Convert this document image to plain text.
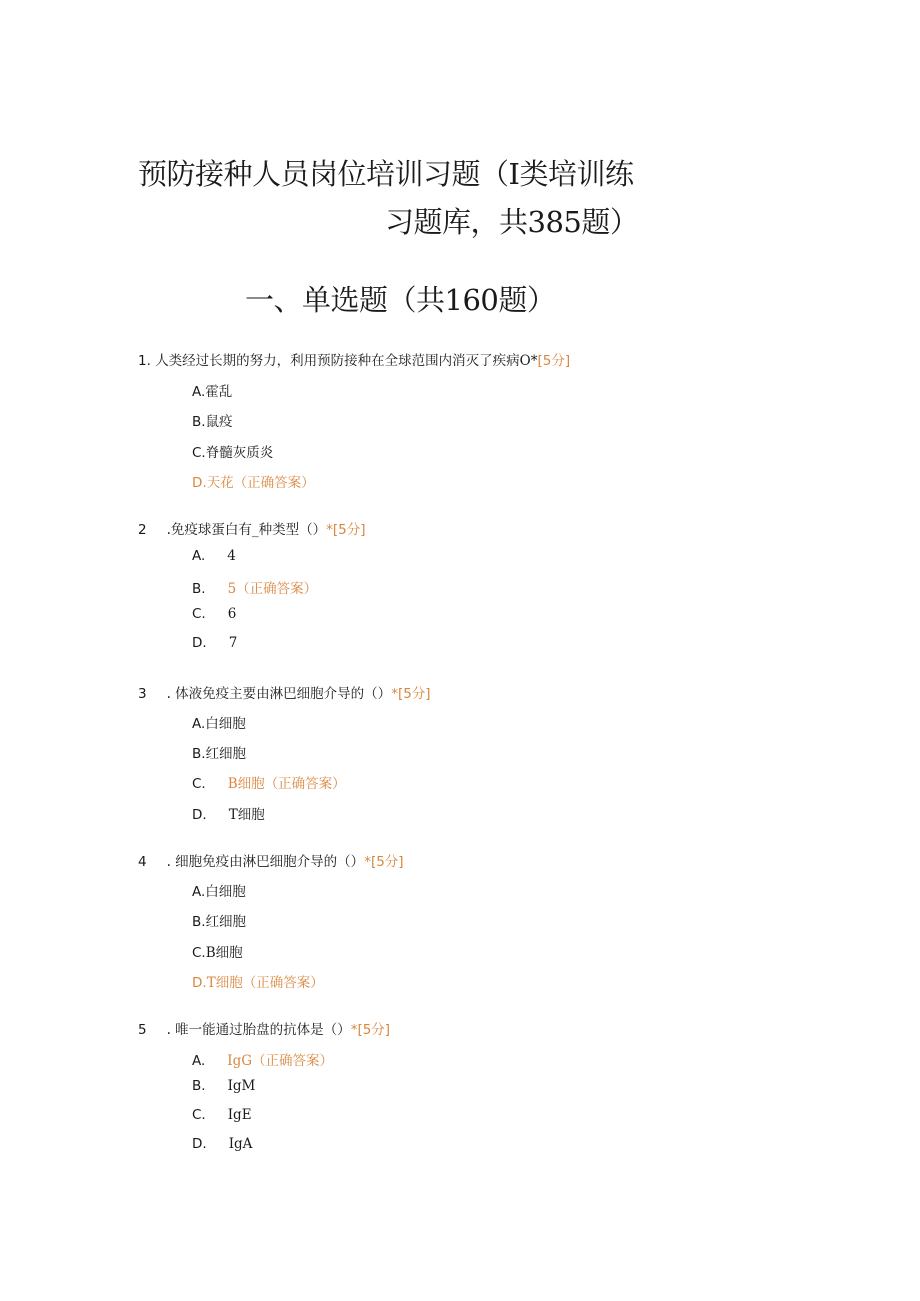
预防接种人员岗位培训习题（I类培训练
习题库，共385题）
一、单选题（共160题）
1. 人类经过长期的努力，利用预防接种在全球范围内消灭了疾病O*[5分]
A.霍乱
B.鼠疫
C.脊髓灰质炎
D.天花（正确答案）
2 .免疫球蛋白有_种类型（）*[5分]
A. 4
B. 5（正确答案）
C. 6
D. 7
3 . 体液免疫主要由淋巴细胞介导的（）*[5分]
A.白细胞
B.红细胞
C. B细胞（正确答案）
D. T细胞
4 . 细胞免疫由淋巴细胞介导的（）*[5分]
A.白细胞
B.红细胞
C.B细胞
D.T细胞（正确答案）
5 . 唯一能通过胎盘的抗体是（）*[5分]
A. IgG（正确答案）
B. IgM
C. IgE
D. IgA
